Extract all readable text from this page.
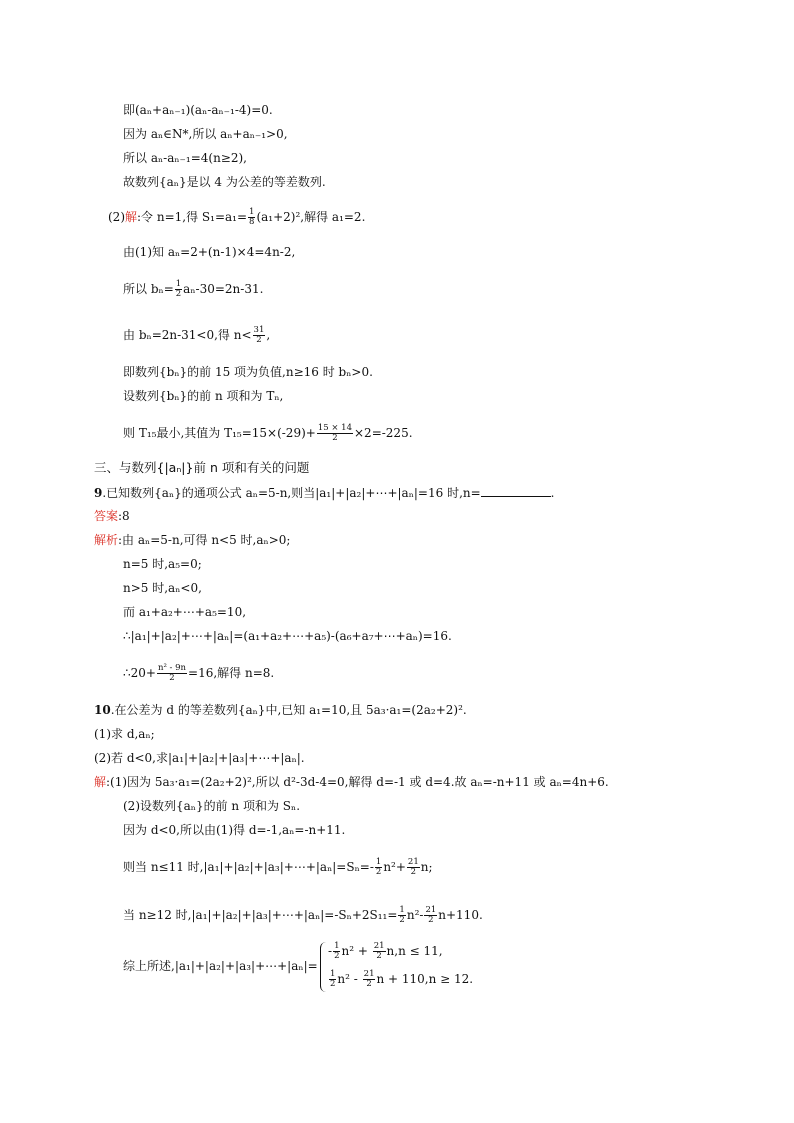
即(aₙ+aₙ₋₁)(aₙ-aₙ₋₁-4)=0.
因为 aₙ∈N*,所以 aₙ+aₙ₋₁>0,
所以 aₙ-aₙ₋₁=4(n≥2),
故数列{aₙ}是以 4 为公差的等差数列.
(2)解:令 n=1,得 $S_1=a_1= \frac{1}{8} (a_1+2)^2$,解得 a₁=2.
由(1)知 aₙ=2+(n-1)×4=4n-2,
所以 $b_n= \frac{1}{2} a_n-30=2n-31$.
由 bₙ=2n-31<0,得 $n< \frac{31}{2}$ ,
即数列{bₙ}的前 15 项为负值,n≥16 时 bₙ>0.
设数列{bₙ}的前 n 项和为 Tₙ,
则 T₁₅最小,其值为 $T_{15}=15\times(-29)+ \frac{15 \times 14}{2} \times 2=-225$.
三、与数列{|aₙ|}前 n 项和有关的问题
9.已知数列{aₙ}的通项公式 aₙ=5-n,则当|a₁|+|a₂|+⋯+|aₙ|=16 时,n=	.
答案:8
解析:由 aₙ=5-n,可得 n<5 时,aₙ>0;
n=5 时,a₅=0;
n>5 时,aₙ<0,
而 a₁+a₂+⋯+a₅=10,
∴|a₁|+|a₂|+⋯+|aₙ|=(a₁+a₂+⋯+a₅)-(a₆+a₇+⋯+aₙ)=16.
∴20+ $\frac{\text{n² - 9n}}{2} =16$,解得 n=8.
10.在公差为 d 的等差数列{aₙ}中,已知 a₁=10,且 5a₃·a₁=(2a₂+2)².
(1)求 d,aₙ;
(2)若 d<0,求|a₁|+|a₂|+|a₃|+⋯+|aₙ|.
解:(1)因为 5a₃·a₁=(2a₂+2)²,所以 d²-3d-4=0,解得 d=-1 或 d=4.故 aₙ=-n+11 或 aₙ=4n+6.
(2)设数列{aₙ}的前 n 项和为 Sₙ.
因为 d<0,所以由(1)得 d=-1,aₙ=-n+11.
则当 n≤11 时,|a₁|+|a₂|+|a₃|+⋯+|aₙ|=Sₙ=- $\frac{1}{2} n^2+ \frac{21}{2} n$;
当 n≥12 时,|a₁|+|a₂|+|a₃|+⋯+|aₙ|=-Sₙ+2S₁₁= $\frac{1}{2} n^2- \frac{21}{2} n+110$.
综上所述,|a₁|+|a₂|+|a₃|+⋯+|aₙ|=
- $\frac{1}{2} n^2 + \frac{21}{2} n,n \le 11$,
$\frac{1}{2} n^2 - \frac{21}{2}$ n + 110,n ≥ 12.
